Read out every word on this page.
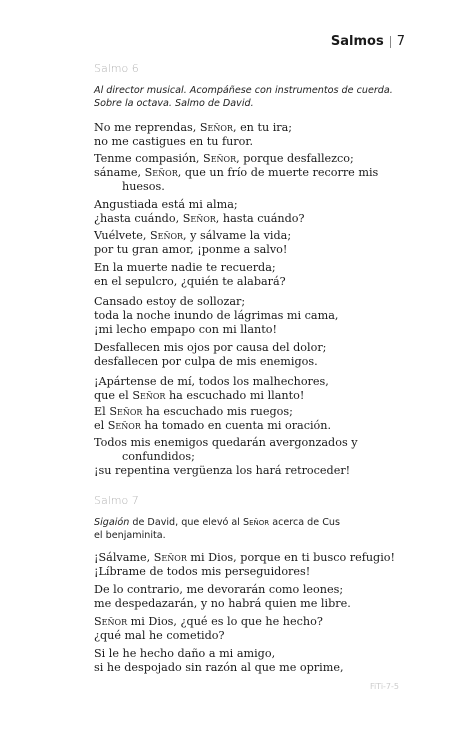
Salmos 7
Salmo 6
Al director musical. Acompáñese con instrumentos de cuerda.
Sobre la octava. Salmo de David.
No me reprendas, Señor, en tu ira;
no me castigues en tu furor.
Tenme compasión, Señor, porque desfallezco;
sáname, Señor, que un frío de muerte recorre mis
huesos.
Angustiada está mi alma;
¿hasta cuándo, Señor, hasta cuándo?
Vuélvete, Señor, y sálvame la vida;
por tu gran amor, ¡ponme a salvo!
En la muerte nadie te recuerda;
en el sepulcro, ¿quién te alabará?
Cansado estoy de sollozar;
toda la noche inundo de lágrimas mi cama,
¡mi lecho empapo con mi llanto!
Desfallecen mis ojos por causa del dolor;
desfallecen por culpa de mis enemigos.
¡Apártense de mí, todos los malhechores,
que el Señor ha escuchado mi llanto!
El Señor ha escuchado mis ruegos;
el Señor ha tomado en cuenta mi oración.
Todos mis enemigos quedarán avergonzados y
confundidos;
¡su repentina vergüenza los hará retroceder!
Salmo 7
Sigaión de David, que elevó al Señor acerca de Cus
el benjaminita.
¡Sálvame, Señor mi Dios, porque en ti busco refugio!
¡Líbrame de todos mis perseguidores!
De lo contrario, me devorarán como leones;
me despedazarán, y no habrá quien me libre.
Señor mi Dios, ¿qué es lo que he hecho?
¿qué mal he cometido?
Si le he hecho daño a mi amigo,
si he despojado sin razón al que me oprime,
FiTi-7-5
